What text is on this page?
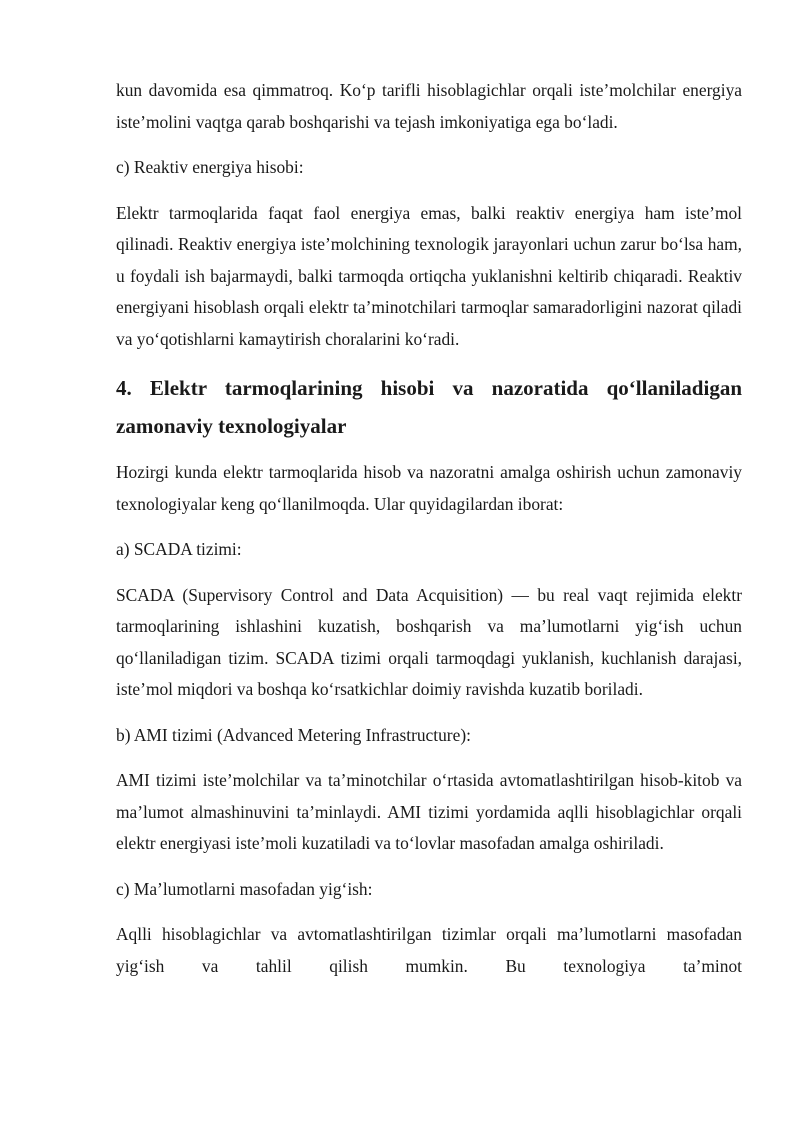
kun davomida esa qimmatroq. Ko‘p tarifli hisoblagichlar orqali iste’molchilar energiya iste’molini vaqtga qarab boshqarishi va tejash imkoniyatiga ega bo‘ladi.

c) Reaktiv energiya hisobi:

Elektr tarmoqlarida faqat faol energiya emas, balki reaktiv energiya ham iste’mol qilinadi. Reaktiv energiya iste’molchining texnologik jarayonlari uchun zarur bo‘lsa ham, u foydali ish bajarmaydi, balki tarmoqda ortiqcha yuklanishni keltirib chiqaradi. Reaktiv energiyani hisoblash orqali elektr ta’minotchilari tarmoqlar samaradorligini nazorat qiladi va yo‘qotishlarni kamaytirish choralarini ko‘radi.

4. Elektr tarmoqlarining hisobi va nazoratida qo‘llaniladigan zamonaviy texnologiyalar

Hozirgi kunda elektr tarmoqlarida hisob va nazoratni amalga oshirish uchun zamonaviy texnologiyalar keng qo‘llanilmoqda. Ular quyidagilardan iborat:

a) SCADA tizimi:

SCADA (Supervisory Control and Data Acquisition) — bu real vaqt rejimida elektr tarmoqlarining ishlashini kuzatish, boshqarish va ma’lumotlarni yig‘ish uchun qo‘llaniladigan tizim. SCADA tizimi orqali tarmoqdagi yuklanish, kuchlanish darajasi, iste’mol miqdori va boshqa ko‘rsatkichlar doimiy ravishda kuzatib boriladi.

b) AMI tizimi (Advanced Metering Infrastructure):

AMI tizimi iste’molchilar va ta’minotchilar o‘rtasida avtomatlashtirilgan hisob-kitob va ma’lumot almashinuvini ta’minlaydi. AMI tizimi yordamida aqlli hisoblagichlar orqali elektr energiyasi iste’moli kuzatiladi va to‘lovlar masofadan amalga oshiriladi.

c) Ma’lumotlarni masofadan yig‘ish:

Aqlli hisoblagichlar va avtomatlashtirilgan tizimlar orqali ma’lumotlarni masofadan yig‘ish va tahlil qilish mumkin. Bu texnologiya ta’minot
